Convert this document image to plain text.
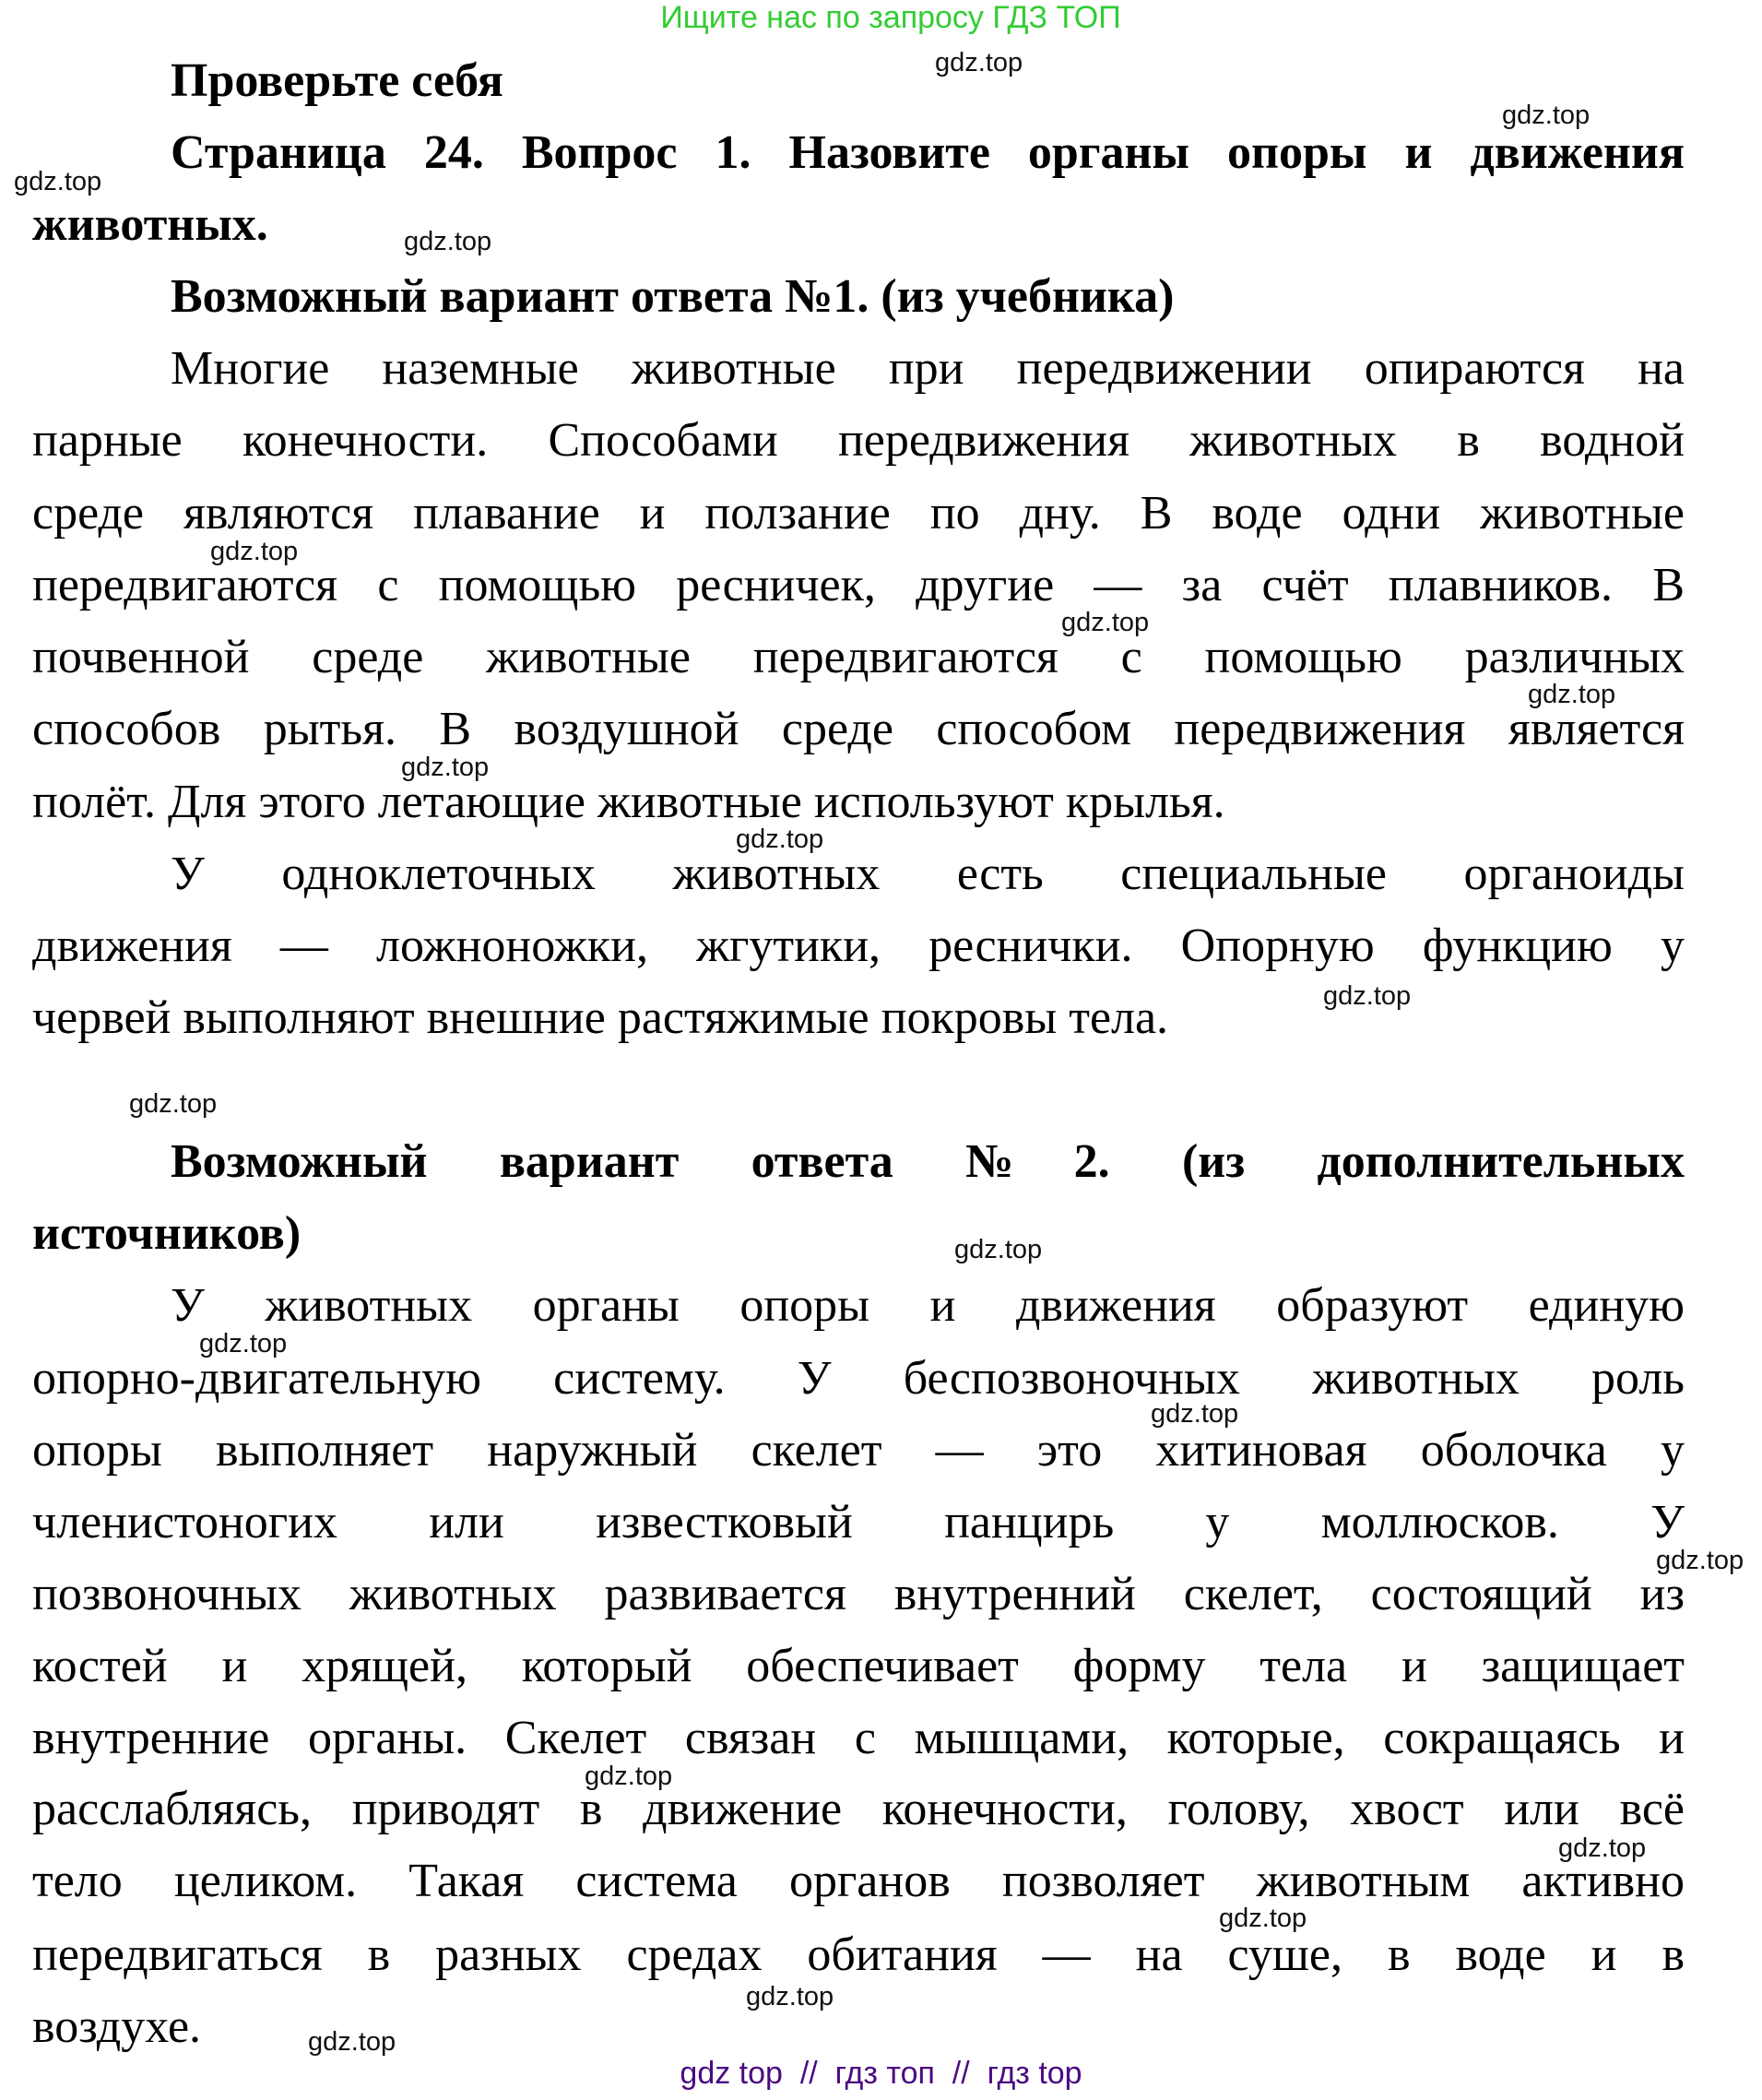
Ищите нас по запросу ГДЗ ТОП
Проверьте себя
Страница 24. Вопрос 1. Назовите органы опоры и движения
животных.
Возможный вариант ответа №1. (из учебника)
Многие наземные животные при передвижении опираются на
парные конечности. Способами передвижения животных в водной
среде являются плавание и ползание по дну. В воде одни животные
передвигаются с помощью ресничек, другие — за счёт плавников. В
почвенной среде животные передвигаются с помощью различных
способов рытья. В воздушной среде способом передвижения является
полёт. Для этого летающие животные используют крылья.
У одноклеточных животных есть специальные органоиды
движения — ложноножки, жгутики, реснички. Опорную функцию у
червей выполняют внешние растяжимые покровы тела.
Возможный вариант ответа №2. (из дополнительных
источников)
У животных органы опоры и движения образуют единую
опорно-двигательную систему. У беспозвоночных животных роль
опоры выполняет наружный скелет — это хитиновая оболочка у
членистоногих или известковый панцирь у моллюсков. У
позвоночных животных развивается внутренний скелет, состоящий из
костей и хрящей, который обеспечивает форму тела и защищает
внутренние органы. Скелет связан с мышцами, которые, сокращаясь и
расслабляясь, приводят в движение конечности, голову, хвост или всё
тело целиком. Такая система органов позволяет животным активно
передвигаться в разных средах обитания — на суше, в воде и в
воздухе.
gdz.top
gdz.top
gdz.top
gdz.top
gdz.top
gdz.top
gdz.top
gdz.top
gdz.top
gdz.top
gdz.top
gdz.top
gdz.top
gdz.top
gdz.top
gdz.top
gdz.top
gdz.top
gdz.top
gdz.top
gdz top  //  гдз топ  //  гдз top
